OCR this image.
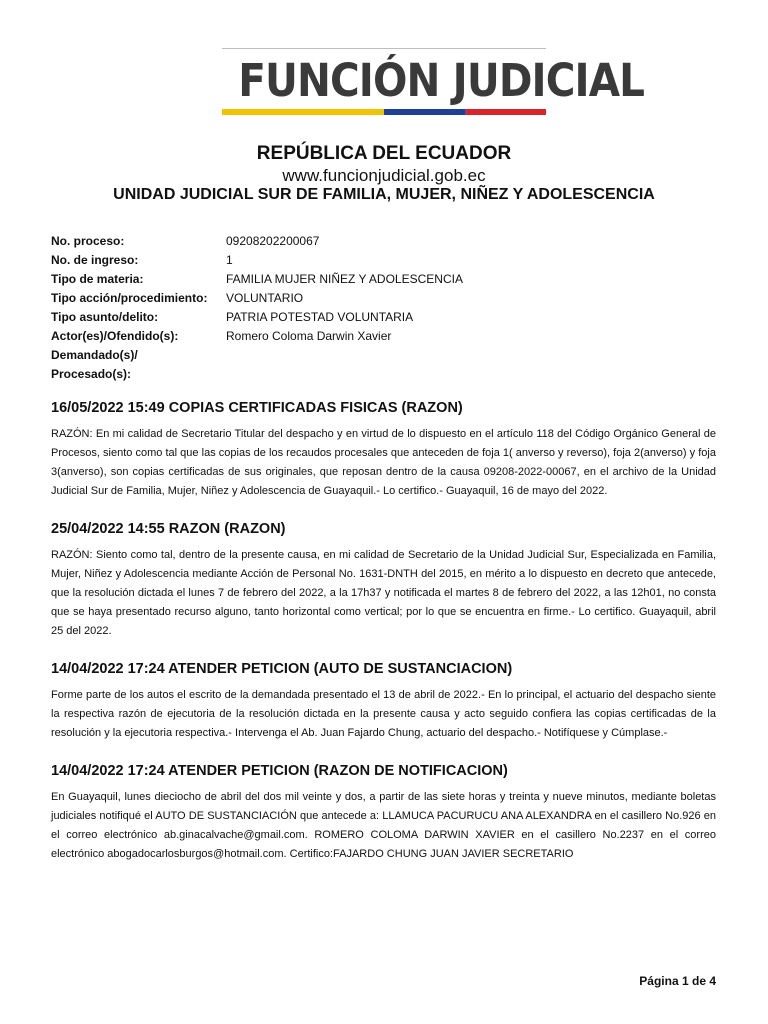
FUNCIÓN JUDICIAL
REPÚBLICA DEL ECUADOR
www.funcionjudicial.gob.ec
UNIDAD JUDICIAL SUR DE FAMILIA, MUJER, NIÑEZ Y ADOLESCENCIA
No. proceso:	09208202200067
No. de ingreso:	1
Tipo de materia:	FAMILIA MUJER NIÑEZ Y ADOLESCENCIA
Tipo acción/procedimiento:	VOLUNTARIO
Tipo asunto/delito:	PATRIA POTESTAD VOLUNTARIA
Actor(es)/Ofendido(s):	Romero Coloma Darwin Xavier
Demandado(s)/
Procesado(s):
16/05/2022 15:49 COPIAS CERTIFICADAS FISICAS (RAZON)
RAZÓN: En mi calidad de Secretario Titular del despacho y en virtud de lo dispuesto en el artículo 118 del Código Orgánico General de Procesos, siento como tal que las copias de los recaudos procesales que anteceden de foja 1( anverso y reverso), foja 2(anverso) y foja 3(anverso), son copias certificadas de sus originales, que reposan dentro de la causa 09208-2022-00067, en el archivo de la Unidad Judicial Sur de Familia, Mujer, Niñez y Adolescencia de Guayaquil.- Lo certifico.- Guayaquil, 16 de mayo del 2022.
25/04/2022 14:55 RAZON (RAZON)
RAZÓN: Siento como tal, dentro de la presente causa, en mi calidad de Secretario de la Unidad Judicial Sur, Especializada en Familia, Mujer, Niñez y Adolescencia mediante Acción de Personal No. 1631-DNTH del 2015, en mérito a lo dispuesto en decreto que antecede, que la resolución dictada el lunes 7 de febrero del 2022, a la 17h37 y notificada el martes 8 de febrero del 2022, a las 12h01, no consta que se haya presentado recurso alguno, tanto horizontal como vertical; por lo que se encuentra en firme.- Lo certifico. Guayaquil, abril 25 del 2022.
14/04/2022 17:24 ATENDER PETICION (AUTO DE SUSTANCIACION)
Forme parte de los autos el escrito de la demandada presentado el 13 de abril de 2022.- En lo principal, el actuario del despacho siente la respectiva razón de ejecutoria de la resolución dictada en la presente causa y acto seguido confiera las copias certificadas de la resolución y la ejecutoria respectiva.- Intervenga el Ab. Juan Fajardo Chung, actuario del despacho.- Notifíquese y Cúmplase.-
14/04/2022 17:24 ATENDER PETICION (RAZON DE NOTIFICACION)
En Guayaquil, lunes dieciocho de abril del dos mil veinte y dos, a partir de las siete horas y treinta y nueve minutos, mediante boletas judiciales notifiqué el AUTO DE SUSTANCIACIÓN que antecede a: LLAMUCA PACURUCU ANA ALEXANDRA en el casillero No.926 en el correo electrónico ab.ginacalvache@gmail.com. ROMERO COLOMA DARWIN XAVIER en el casillero No.2237 en el correo electrónico abogadocarlosburgos@hotmail.com. Certifico:FAJARDO CHUNG JUAN JAVIER SECRETARIO
Página 1 de 4
